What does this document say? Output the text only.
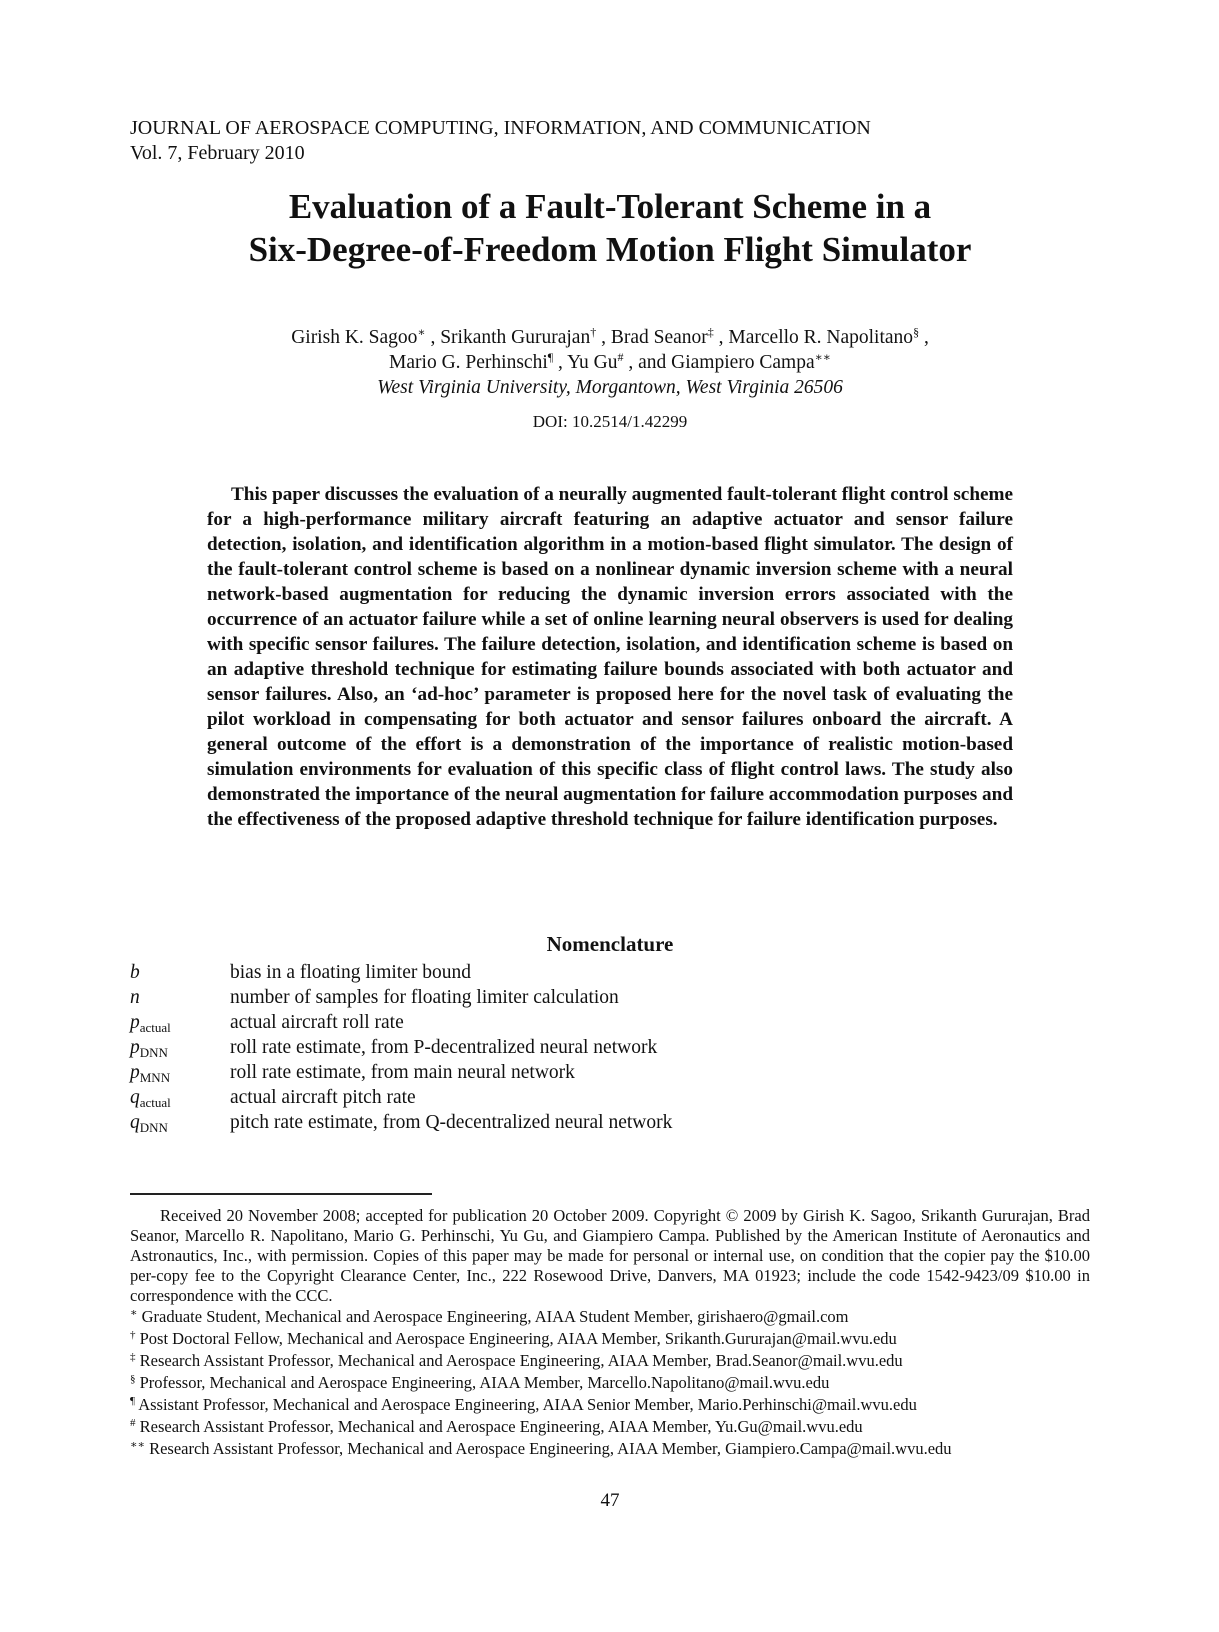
JOURNAL OF AEROSPACE COMPUTING, INFORMATION, AND COMMUNICATION
Vol. 7, February 2010
Evaluation of a Fault-Tolerant Scheme in a
Six-Degree-of-Freedom Motion Flight Simulator
Girish K. Sagoo∗ , Srikanth Gururajan† , Brad Seanor‡ , Marcello R. Napolitano§ ,
Mario G. Perhinschi¶ , Yu Gu# , and Giampiero Campa∗∗
West Virginia University, Morgantown, West Virginia 26506
DOI: 10.2514/1.42299

This paper discusses the evaluation of a neurally augmented fault-tolerant flight control scheme for a high-performance military aircraft featuring an adaptive actuator and sensor failure detection, isolation, and identification algorithm in a motion-based flight simulator. The design of the fault-tolerant control scheme is based on a nonlinear dynamic inversion scheme with a neural network-based augmentation for reducing the dynamic inversion errors associated with the occurrence of an actuator failure while a set of online learning neural observers is used for dealing with specific sensor failures. The failure detection, isolation, and identification scheme is based on an adaptive threshold technique for estimating failure bounds associated with both actuator and sensor failures. Also, an ‘ad-hoc’ parameter is proposed here for the novel task of evaluating the pilot workload in compensating for both actuator and sensor failures onboard the aircraft. A general outcome of the effort is a demonstration of the importance of realistic motion-based simulation environments for evaluation of this specific class of flight control laws. The study also demonstrated the importance of the neural augmentation for failure accommodation purposes and the effectiveness of the proposed adaptive threshold technique for failure identification purposes.

Nomenclature
b	bias in a floating limiter bound
n	number of samples for floating limiter calculation
$p_{actual}$	actual aircraft roll rate
$p_{DNN}$	roll rate estimate, from P-decentralized neural network
$p_{MNN}$	roll rate estimate, from main neural network
$q_{actual}$	actual aircraft pitch rate
$q_{DNN}$	pitch rate estimate, from Q-decentralized neural network

Received 20 November 2008; accepted for publication 20 October 2009. Copyright © 2009 by Girish K. Sagoo, Srikanth Gururajan, Brad Seanor, Marcello R. Napolitano, Mario G. Perhinschi, Yu Gu, and Giampiero Campa. Published by the American Institute of Aeronautics and Astronautics, Inc., with permission. Copies of this paper may be made for personal or internal use, on condition that the copier pay the $10.00 per-copy fee to the Copyright Clearance Center, Inc., 222 Rosewood Drive, Danvers, MA 01923; include the code 1542-9423/09 $10.00 in correspondence with the CCC.

∗ Graduate Student, Mechanical and Aerospace Engineering, AIAA Student Member, girishaero@gmail.com

† Post Doctoral Fellow, Mechanical and Aerospace Engineering, AIAA Member, Srikanth.Gururajan@mail.wvu.edu

‡ Research Assistant Professor, Mechanical and Aerospace Engineering, AIAA Member, Brad.Seanor@mail.wvu.edu

§ Professor, Mechanical and Aerospace Engineering, AIAA Member, Marcello.Napolitano@mail.wvu.edu

¶ Assistant Professor, Mechanical and Aerospace Engineering, AIAA Senior Member, Mario.Perhinschi@mail.wvu.edu

# Research Assistant Professor, Mechanical and Aerospace Engineering, AIAA Member, Yu.Gu@mail.wvu.edu

∗∗ Research Assistant Professor, Mechanical and Aerospace Engineering, AIAA Member, Giampiero.Campa@mail.wvu.edu

47
